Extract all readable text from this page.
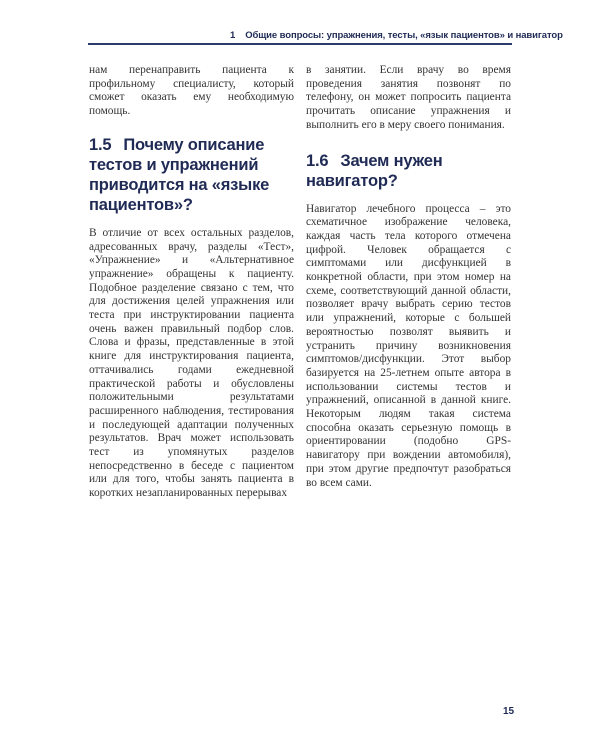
1 Общие вопросы: упражнения, тесты, «язык пациентов» и навигатор

нам перенаправить пациента к профильному специалисту, который сможет оказать ему необходимую помощь.

1.5 Почему описание тестов и упражнений приводится на «языке пациентов»?

В отличие от всех остальных разделов, адресованных врачу, разделы «Тест», «Упражнение» и «Альтернативное упражнение» обращены к пациенту. Подобное разделение связано с тем, что для достижения целей упражнения или теста при инструктировании пациента очень важен правильный подбор слов. Слова и фразы, представленные в этой книге для инструктирования пациента, оттачивались годами ежедневной практической работы и обусловлены положительными результатами расширенного наблюдения, тестирования и последующей адаптации полученных результатов. Врач может использовать тест из упомянутых разделов непосредственно в беседе с пациентом или для того, чтобы занять пациента в коротких незапланированных перерывах

в занятии. Если врачу во время проведения занятия позвонят по телефону, он может попросить пациента прочитать описание упражнения и выполнить его в меру своего понимания.

1.6 Зачем нужен навигатор?

Навигатор лечебного процесса – это схематичное изображение человека, каждая часть тела которого отмечена цифрой. Человек обращается с симптомами или дисфункцией в конкретной области, при этом номер на схеме, соответствующий данной области, позволяет врачу выбрать серию тестов или упражнений, которые с большей вероятностью позволят выявить и устранить причину возникновения симптомов/дисфункции. Этот выбор базируется на 25-летнем опыте автора в использовании системы тестов и упражнений, описанной в данной книге. Некоторым людям такая система способна оказать серьезную помощь в ориентировании (подобно GPS-навигатору при вождении автомобиля), при этом другие предпочтут разобраться во всем сами.

15
